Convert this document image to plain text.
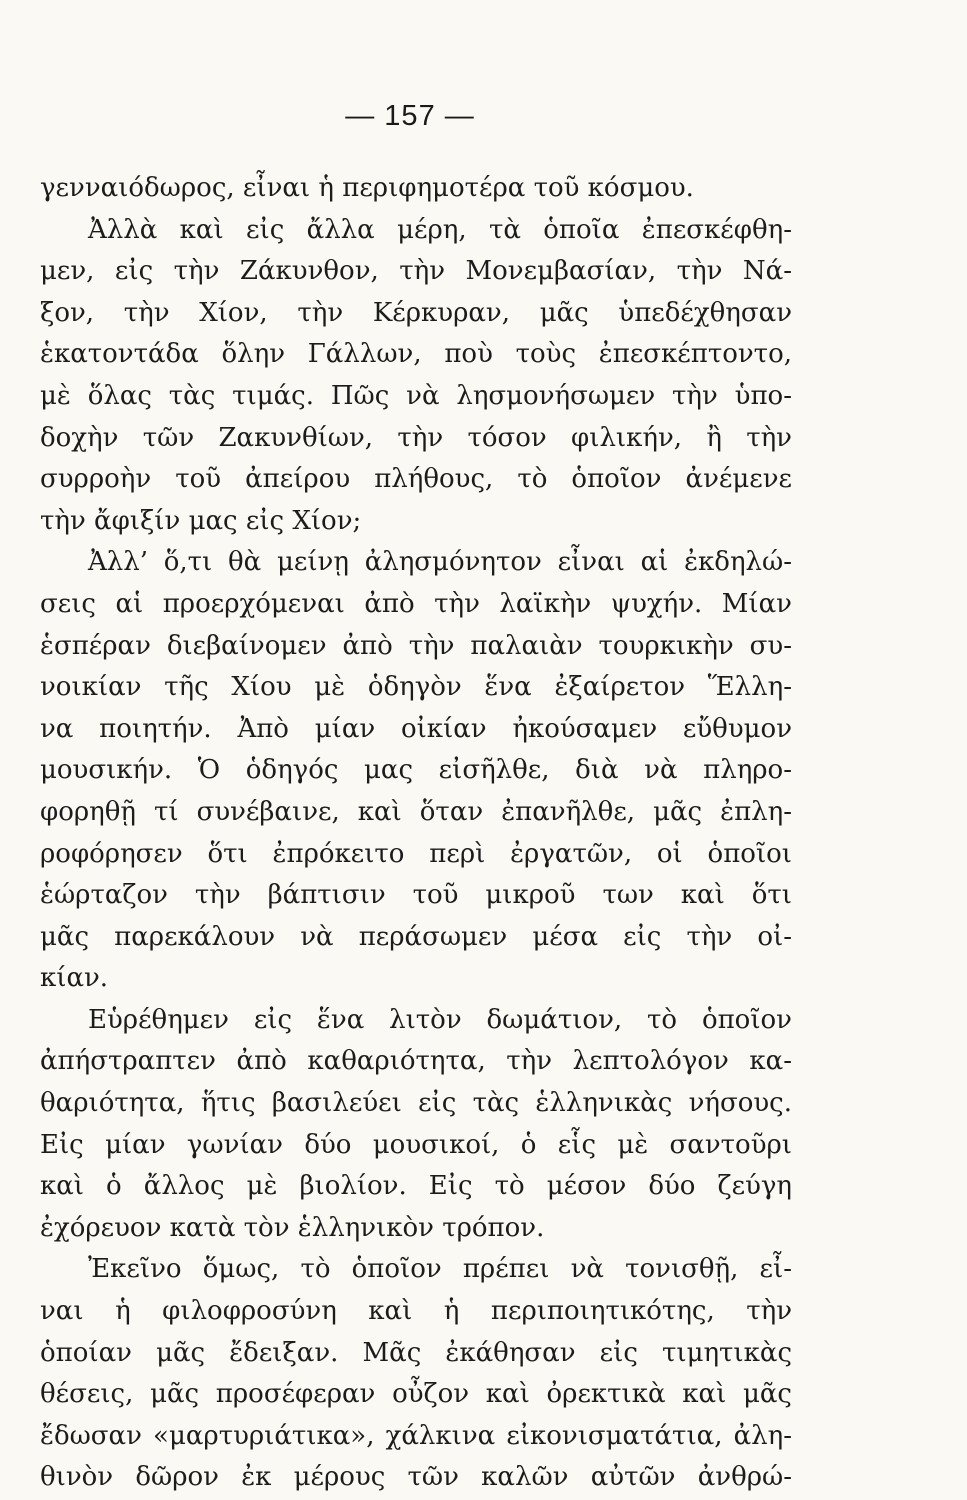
— 157 —
γενναιόδωρος, εἶναι ἡ περιφημοτέρα τοῦ κόσμου.
Ἀλλὰ καὶ εἰς ἄλλα μέρη, τὰ ὁποῖα ἐπεσκέφθη-
μεν, εἰς τὴν Ζάκυνθον, τὴν Μονεμβασίαν, τὴν Νά-
ξον, τὴν Χίον, τὴν Κέρκυραν, μᾶς ὑπεδέχθησαν
ἑκατοντάδα ὅλην Γάλλων, ποὺ τοὺς ἐπεσκέπτοντο,
μὲ ὅλας τὰς τιμάς. Πῶς νὰ λησμονήσωμεν τὴν ὑπο-
δοχὴν τῶν Ζακυνθίων, τὴν τόσον φιλικήν, ἢ τὴν
συρροὴν τοῦ ἀπείρου πλήθους, τὸ ὁποῖον ἀνέμενε
τὴν ἄφιξίν μας εἰς Χίον;
Ἀλλ’ ὅ,τι θὰ μείνῃ ἀλησμόνητον εἶναι αἱ ἐκδηλώ-
σεις αἱ προερχόμεναι ἀπὸ τὴν λαϊκὴν ψυχήν. Μίαν
ἑσπέραν διεβαίνομεν ἀπὸ τὴν παλαιὰν τουρκικὴν συ-
νοικίαν τῆς Χίου μὲ ὁδηγὸν ἕνα ἐξαίρετον Ἕλλη-
να ποιητήν. Ἀπὸ μίαν οἰκίαν ἠκούσαμεν εὔθυμον
μουσικήν. Ὁ ὁδηγός μας εἰσῆλθε, διὰ νὰ πληρο-
φορηθῇ τί συνέβαινε, καὶ ὅταν ἐπανῆλθε, μᾶς ἐπλη-
ροφόρησεν ὅτι ἐπρόκειτο περὶ ἐργατῶν, οἱ ὁποῖοι
ἑώρταζον τὴν βάπτισιν τοῦ μικροῦ των καὶ ὅτι
μᾶς παρεκάλουν νὰ περάσωμεν μέσα εἰς τὴν οἰ-
κίαν.
Εὑρέθημεν εἰς ἕνα λιτὸν δωμάτιον, τὸ ὁποῖον
ἀπήστραπτεν ἀπὸ καθαριότητα, τὴν λεπτολόγον κα-
θαριότητα, ἥτις βασιλεύει εἰς τὰς ἑλληνικὰς νήσους.
Εἰς μίαν γωνίαν δύο μουσικοί, ὁ εἷς μὲ σαντοῦρι
καὶ ὁ ἄλλος μὲ βιολίον. Εἰς τὸ μέσον δύο ζεύγη
ἐχόρευον κατὰ τὸν ἑλληνικὸν τρόπον.
Ἐκεῖνο ὅμως, τὸ ὁποῖον πρέπει νὰ τονισθῇ, εἶ-
ναι ἡ φιλοφροσύνη καὶ ἡ περιποιητικότης, τὴν
ὁποίαν μᾶς ἔδειξαν. Μᾶς ἐκάθησαν εἰς τιμητικὰς
θέσεις, μᾶς προσέφεραν οὖζον καὶ ὀρεκτικὰ καὶ μᾶς
ἔδωσαν «μαρτυριάτικα», χάλκινα εἰκονισματάτια, ἀλη-
θινὸν δῶρον ἐκ μέρους τῶν καλῶν αὐτῶν ἀνθρώ-
